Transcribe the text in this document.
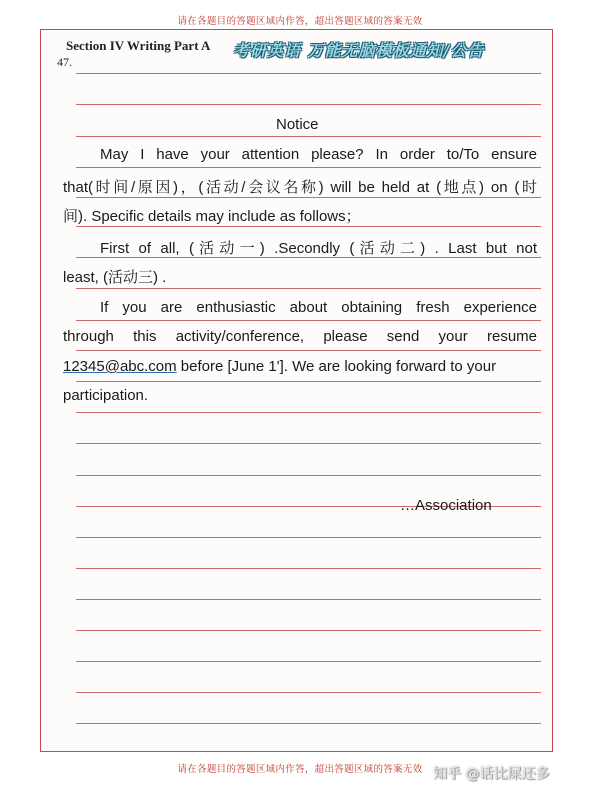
请在各题目的答题区域内作答，超出答题区域的答案无效
Section IV Writing Part A
47.
考研英语 万能无脑模板通知/公告
Notice
May I have your attention please? In order to/To ensure
that(时间/原因)，(活动/会议名称) will be held at (地点) on (时
间). Specific details may include as follows；
First of all, (活动一) .Secondly (活动二) . Last but not
least, (活动三) .
If you are enthusiastic about obtaining fresh experience
through this activity/conference, please send your resume
12345@abc.com before [June 1']. We are looking forward to your
participation.
…Association
请在各题目的答题区域内作答，超出答题区域的答案无效 知乎 @话比屎还多
